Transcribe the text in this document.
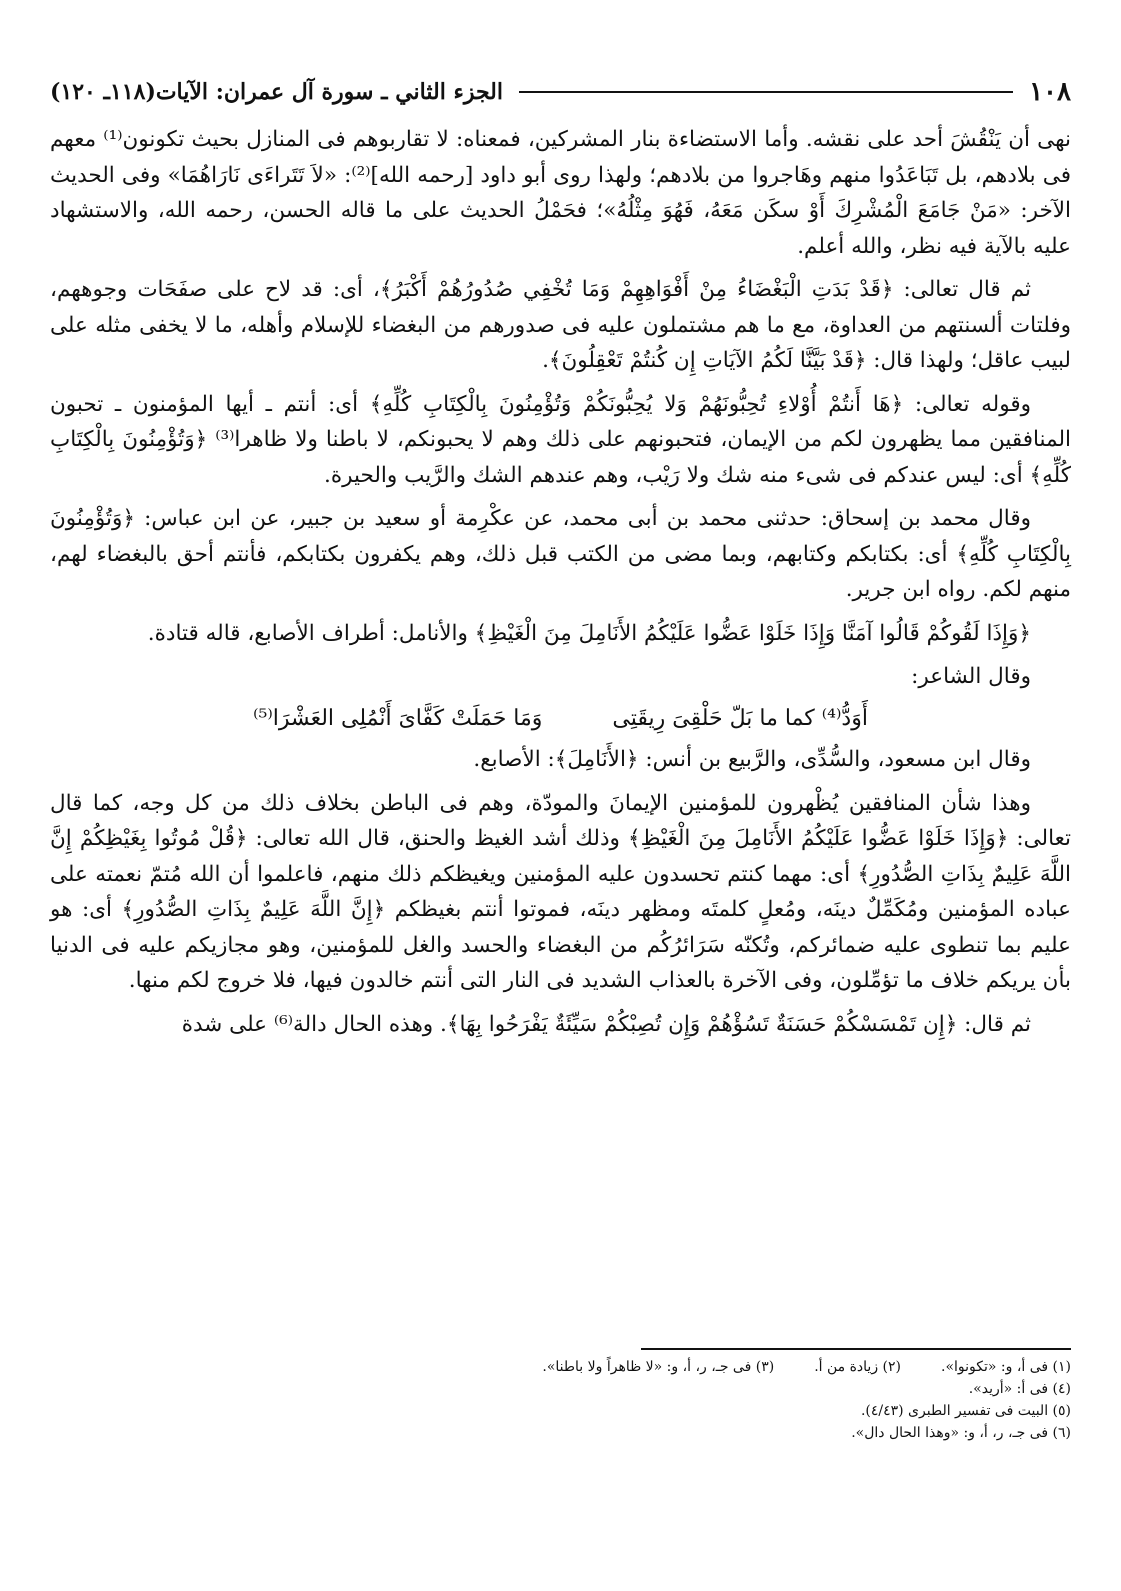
١٠٨
الجزء الثاني ـ سورة آل عمران: الآيات(١١٨ـ ١٢٠)

نهى أن يَنْقُشَ أحد على نقشه. وأما الاستضاءة بنار المشركين، فمعناه: لا تقاربوهم فى المنازل بحيث تكونون⁽¹⁾ معهم فى بلادهم، بل تَبَاعَدُوا منهم وهَاجروا من بلادهم؛ ولهذا روى أبو داود [رحمه الله]⁽²⁾: «لاَ تَتَراءَى نَارَاهُمَا» وفى الحديث الآخر: «مَنْ جَامَعَ الْمُشْرِكَ أَوْ سكَن مَعَهُ، فَهُوَ مِثْلُهُ»؛ فحَمْلُ الحديث على ما قاله الحسن، رحمه الله، والاستشهاد عليه بالآية فيه نظر، والله أعلم.

ثم قال تعالى: ﴿قَدْ بَدَتِ الْبَغْضَاءُ مِنْ أَفْوَاهِهِمْ وَمَا تُخْفِي صُدُورُهُمْ أَكْبَرُ﴾، أى: قد لاح على صفَحَات وجوههم، وفلتات ألسنتهم من العداوة، مع ما هم مشتملون عليه فى صدورهم من البغضاء للإسلام وأهله، ما لا يخفى مثله على لبيب عاقل؛ ولهذا قال: ﴿قَدْ بَيَّنَّا لَكُمُ الآيَاتِ إِن كُنتُمْ تَعْقِلُونَ﴾.

وقوله تعالى: ﴿هَا أَنتُمْ أُوْلاءِ تُحِبُّونَهُمْ وَلا يُحِبُّونَكُمْ وَتُؤْمِنُونَ بِالْكِتَابِ كُلِّهِ﴾ أى: أنتم ـ أيها المؤمنون ـ تحبون المنافقين مما يظهرون لكم من الإيمان، فتحبونهم على ذلك وهم لا يحبونكم، لا باطنا ولا ظاهرا⁽³⁾ ﴿وَتُؤْمِنُونَ بِالْكِتَابِ كُلِّهِ﴾ أى: ليس عندكم فى شىء منه شك ولا رَيْب، وهم عندهم الشك والرَّيب والحيرة.

وقال محمد بن إسحاق: حدثنى محمد بن أبى محمد، عن عكْرِمة أو سعيد بن جبير، عن ابن عباس: ﴿وَتُؤْمِنُونَ بِالْكِتَابِ كُلِّهِ﴾ أى: بكتابكم وكتابهم، وبما مضى من الكتب قبل ذلك، وهم يكفرون بكتابكم، فأنتم أحق بالبغضاء لهم، منهم لكم. رواه ابن جرير.

﴿وَإِذَا لَقُوكُمْ قَالُوا آمَنَّا وَإِذَا خَلَوْا عَضُّوا عَلَيْكُمُ الأَنَامِلَ مِنَ الْغَيْظِ﴾ والأنامل: أطراف الأصابع، قاله قتادة.

وقال الشاعر:

أَوَدُّ⁽⁴⁾ كما ما بَلّ حَلْقِىَ رِيقَتِى
وَمَا حَمَلَتْ كَفَّاىَ أَنْمُلِى العَشْرَا⁽⁵⁾

وقال ابن مسعود، والسُّدِّى، والرَّبيع بن أنس: ﴿الأَنَامِلَ﴾: الأصابع.

وهذا شأن المنافقين يُظْهرون للمؤمنين الإيمانَ والمودّة، وهم فى الباطن بخلاف ذلك من كل وجه، كما قال تعالى: ﴿وَإِذَا خَلَوْا عَضُّوا عَلَيْكُمُ الأَنَامِلَ مِنَ الْغَيْظِ﴾ وذلك أشد الغيظ والحنق، قال الله تعالى: ﴿قُلْ مُوتُوا بِغَيْظِكُمْ إِنَّ اللَّهَ عَلِيمٌ بِذَاتِ الصُّدُورِ﴾ أى: مهما كنتم تحسدون عليه المؤمنين ويغيظكم ذلك منهم، فاعلموا أن الله مُتمّ نعمته على عباده المؤمنين ومُكَمِّلٌ دينَه، ومُعلٍ كلمتَه ومظهر دينَه، فموتوا أنتم بغيظكم ﴿إِنَّ اللَّهَ عَلِيمٌ بِذَاتِ الصُّدُورِ﴾ أى: هو عليم بما تنطوى عليه ضمائركم، وتُكنّه سَرَائرُكُم من البغضاء والحسد والغل للمؤمنين، وهو مجازيكم عليه فى الدنيا بأن يريكم خلاف ما تؤمِّلون، وفى الآخرة بالعذاب الشديد فى النار التى أنتم خالدون فيها، فلا خروج لكم منها.

ثم قال: ﴿إِن تَمْسَسْكُمْ حَسَنَةٌ تَسُؤْهُمْ وَإِن تُصِبْكُمْ سَيِّئَةٌ يَفْرَحُوا بِهَا﴾. وهذه الحال دالة⁽⁶⁾ على شدة

(١) فى أ، و: «تكونوا».
(٢) زيادة من أ.
(٣) فى جـ، ر، أ، و: «لا ظاهراً ولا باطنا».
(٤) فى أ: «أريد».
(٥) البيت فى تفسير الطبرى (٤/٤٣).
(٦) فى جـ، ر، أ، و: «وهذا الحال دال».
